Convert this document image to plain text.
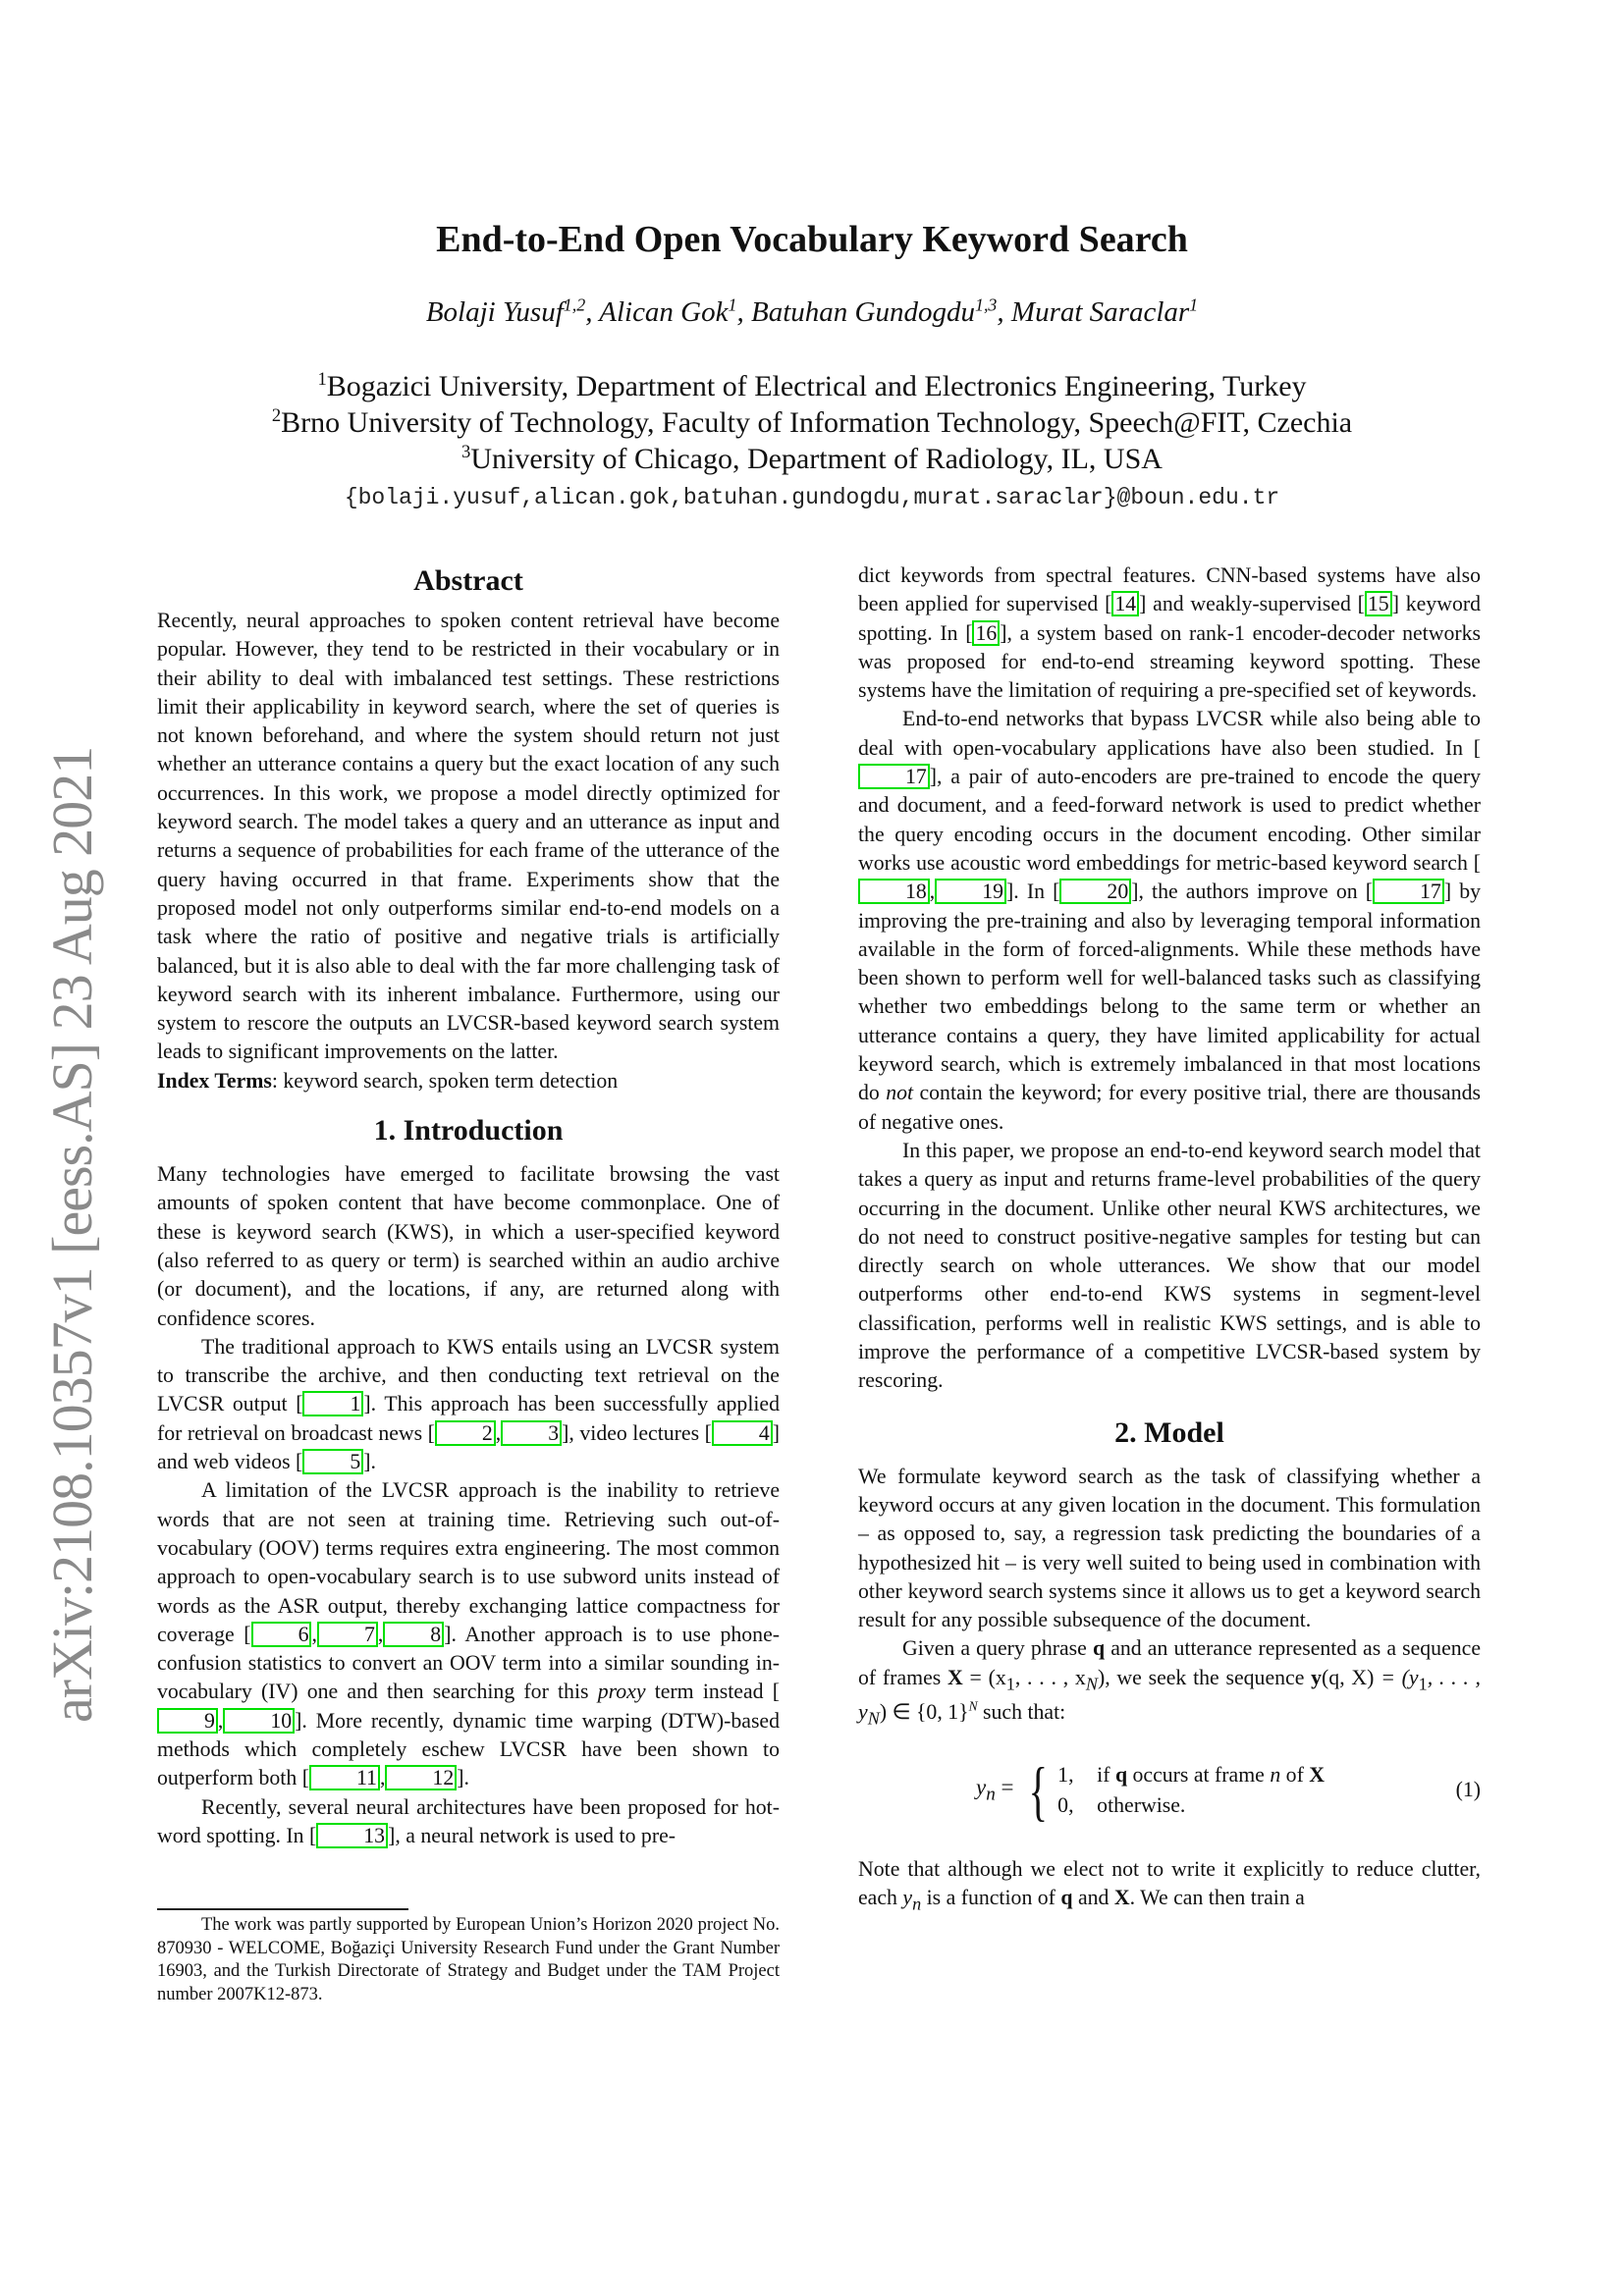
End-to-End Open Vocabulary Keyword Search
Bolaji Yusuf$^{1,2}$, Alican Gok$^1$, Batuhan Gundogdu$^{1,3}$, Murat Saraclar$^1$
$^1$Bogazici University, Department of Electrical and Electronics Engineering, Turkey
$^2$Brno University of Technology, Faculty of Information Technology, Speech@FIT, Czechia
$^3$University of Chicago, Department of Radiology, IL, USA
{bolaji.yusuf,alican.gok,batuhan.gundogdu,murat.saraclar}@boun.edu.tr
arXiv:2108.10357v1 [eess.AS] 23 Aug 2021
Abstract

Recently, neural approaches to spoken content retrieval have become popular. However, they tend to be restricted in their vocabulary or in their ability to deal with imbalanced test settings. These restrictions limit their applicability in keyword search, where the set of queries is not known beforehand, and where the system should return not just whether an utterance contains a query but the exact location of any such occurrences. In this work, we propose a model directly optimized for keyword search. The model takes a query and an utterance as input and returns a sequence of probabilities for each frame of the utterance of the query having occurred in that frame. Experiments show that the proposed model not only outperforms similar end-to-end models on a task where the ratio of positive and negative trials is artificially balanced, but it is also able to deal with the far more challenging task of keyword search with its inherent imbalance. Furthermore, using our system to rescore the outputs an LVCSR-based keyword search system leads to significant improvements on the latter.

Index Terms: keyword search, spoken term detection

1. Introduction

Many technologies have emerged to facilitate browsing the vast amounts of spoken content that have become commonplace. One of these is keyword search (KWS), in which a user-specified keyword (also referred to as query or term) is searched within an audio archive (or document), and the locations, if any, are returned along with confidence scores.

The traditional approach to KWS entails using an LVCSR system to transcribe the archive, and then conducting text retrieval on the LVCSR output [ 1 ]. This approach has been successfully applied for retrieval on broadcast news [ 2 , 3 ], video lectures [ 4 ] and web videos [ 5 ].

A limitation of the LVCSR approach is the inability to retrieve words that are not seen at training time. Retrieving such out-of-vocabulary (OOV) terms requires extra engineering. The most common approach to open-vocabulary search is to use subword units instead of words as the ASR output, thereby exchanging lattice compactness for coverage [ 6 , 7 , 8 ]. Another approach is to use phone-confusion statistics to convert an OOV term into a similar sounding in-vocabulary (IV) one and then searching for this proxy term instead [9 , 10 ]. More recently, dynamic time warping (DTW)-based methods which completely eschew LVCSR have been shown to outperform both [ 11 , 12 ].

Recently, several neural architectures have been proposed for hot-word spotting. In [ 13 ], a neural network is used to pre-

The work was partly supported by European Union’s Horizon 2020 project No. 870930 - WELCOME, Boğaziçi University Research Fund under the Grant Number 16903, and the Turkish Directorate of Strategy and Budget under the TAM Project number 2007K12-873.

dict keywords from spectral features. CNN-based systems have also been applied for supervised [ 14 ] and weakly-supervised [ 15 ] keyword spotting. In [ 16 ], a system based on rank-1 encoder-decoder networks was proposed for end-to-end streaming keyword spotting. These systems have the limitation of requiring a pre-specified set of keywords.

End-to-end networks that bypass LVCSR while also being able to deal with open-vocabulary applications have also been studied. In [17 ], a pair of auto-encoders are pre-trained to encode the query and document, and a feed-forward network is used to predict whether the query encoding occurs in the document encoding. Other similar works use acoustic word embeddings for metric-based keyword search [18 , 19 ]. In [ 20 ], the authors improve on [ 17 ] by improving the pre-training and also by leveraging temporal information available in the form of forced-alignments. While these methods have been shown to perform well for well-balanced tasks such as classifying whether two embeddings belong to the same term or whether an utterance contains a query, they have limited applicability for actual keyword search, which is extremely imbalanced in that most locations do not contain the keyword; for every positive trial, there are thousands of negative ones.

In this paper, we propose an end-to-end keyword search model that takes a query as input and returns frame-level probabilities of the query occurring in the document. Unlike other neural KWS architectures, we do not need to construct positive-negative samples for testing but can directly search on whole utterances. We show that our model outperforms other end-to-end KWS systems in segment-level classification, performs well in realistic KWS settings, and is able to improve the performance of a competitive LVCSR-based system by rescoring.

2. Model

We formulate keyword search as the task of classifying whether a keyword occurs at any given location in the document. This formulation – as opposed to, say, a regression task predicting the boundaries of a hypothesized hit – is very well suited to being used in combination with other keyword search systems since it allows us to get a keyword search result for any possible subsequence of the document.

Given a query phrase q and an utterance represented as a sequence of frames $X = (x_1$, . . . , $x_N$), we seek the sequence y(q, $X) = (y_1$, . . . , $y_N$) ∈ {0, 1}$^N$ such that:

$y_n$ = { 1, if q occurs at frame n of X
0, otherwise.
(1)

Note that although we elect not to write it explicitly to reduce clutter, each $y_n$ is a function of q and X. We can then train a
